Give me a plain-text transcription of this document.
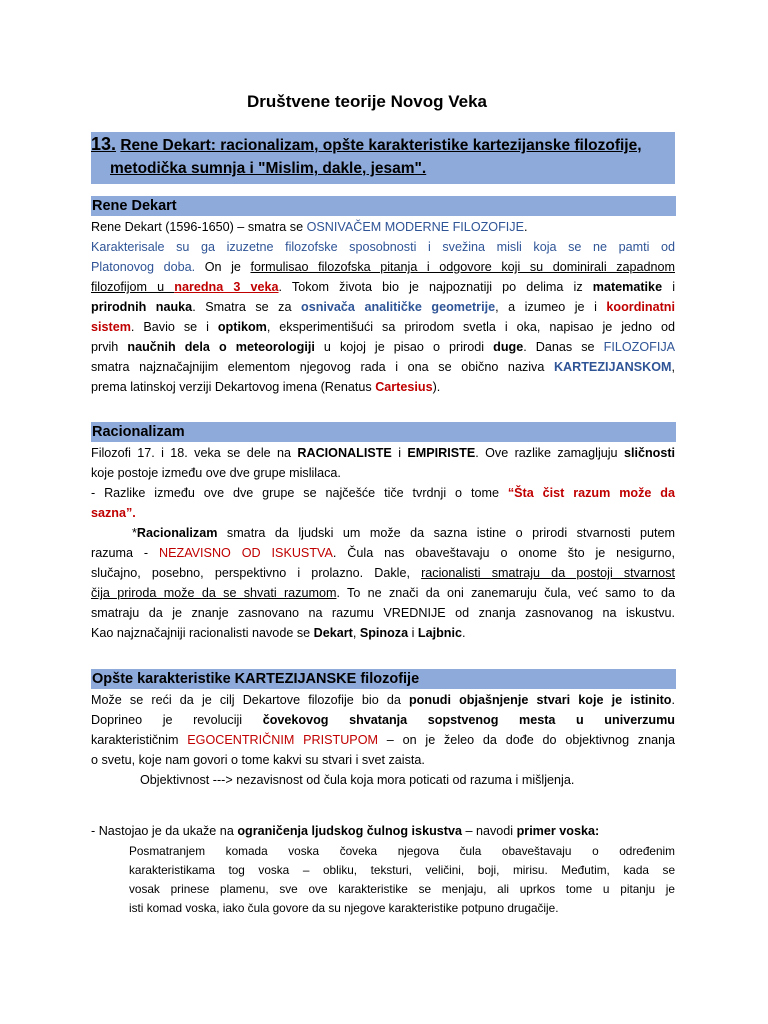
Društvene teorije Novog Veka
13. Rene Dekart: racionalizam, opšte karakteristike kartezijanske filozofije,
metodička sumnja i "Mislim, dakle, jesam".
Rene Dekart
Rene Dekart (1596-1650) – smatra se OSNIVAČEM MODERNE FILOZOFIJE.
Karakterisale su ga izuzetne filozofske sposobnosti i svežina misli koja se ne pamti od
Platonovog doba. On je formulisao filozofska pitanja i odgovore koji su dominirali zapadnom
filozofijom u naredna 3 veka. Tokom života bio je najpoznatiji po delima iz matematike i
prirodnih nauka. Smatra se za osnivača analitičke geometrije, a izumeo je i koordinatni
sistem. Bavio se i optikom, eksperimentišući sa prirodom svetla i oka, napisao je jedno od
prvih naučnih dela o meteorologiji u kojoj je pisao o prirodi duge. Danas se FILOZOFIJA
smatra najznačajnijim elementom njegovog rada i ona se obično naziva KARTEZIJANSKOM,
prema latinskoj verziji Dekartovog imena (Renatus Cartesius).
Racionalizam
Filozofi 17. i 18. veka se dele na RACIONALISTE i EMPIRISTE. Ove razlike zamagljuju sličnosti
koje postoje između ove dve grupe mislilaca.
- Razlike između ove dve grupe se najčešće tiče tvrdnji o tome “Šta čist razum može da
sazna”.
*Racionalizam smatra da ljudski um može da sazna istine o prirodi stvarnosti putem
razuma - NEZAVISNO OD ISKUSTVA. Čula nas obaveštavaju o onome što je nesigurno,
slučajno, posebno, perspektivno i prolazno. Dakle, racionalisti smatraju da postoji stvarnost
čija priroda može da se shvati razumom. To ne znači da oni zanemaruju čula, već samo to da
smatraju da je znanje zasnovano na razumu VREDNIJE od znanja zasnovanog na iskustvu.
Kao najznačajniji racionalisti navode se Dekart, Spinoza i Lajbnic.
Opšte karakteristike KARTEZIJANSKE filozofije
Može se reći da je cilj Dekartove filozofije bio da ponudi objašnjenje stvari koje je istinito.
Doprineo je revoluciji čovekovog shvatanja sopstvenog mesta u univerzumu
karakterističnim EGOCENTRIČNIM PRISTUPOM – on je želeo da dođe do objektivnog znanja
o svetu, koje nam govori o tome kakvi su stvari i svet zaista.
Objektivnost ---> nezavisnost od čula koja mora poticati od razuma i mišljenja.
- Nastojao je da ukaže na ograničenja ljudskog čulnog iskustva – navodi primer voska:
Posmatranjem komada voska čoveka njegova čula obaveštavaju o određenim
karakteristikama tog voska – obliku, teksturi, veličini, boji, mirisu. Međutim, kada se
vosak prinese plamenu, sve ove karakteristike se menjaju, ali uprkos tome u pitanju je
isti komad voska, iako čula govore da su njegove karakteristike potpuno drugačije.
